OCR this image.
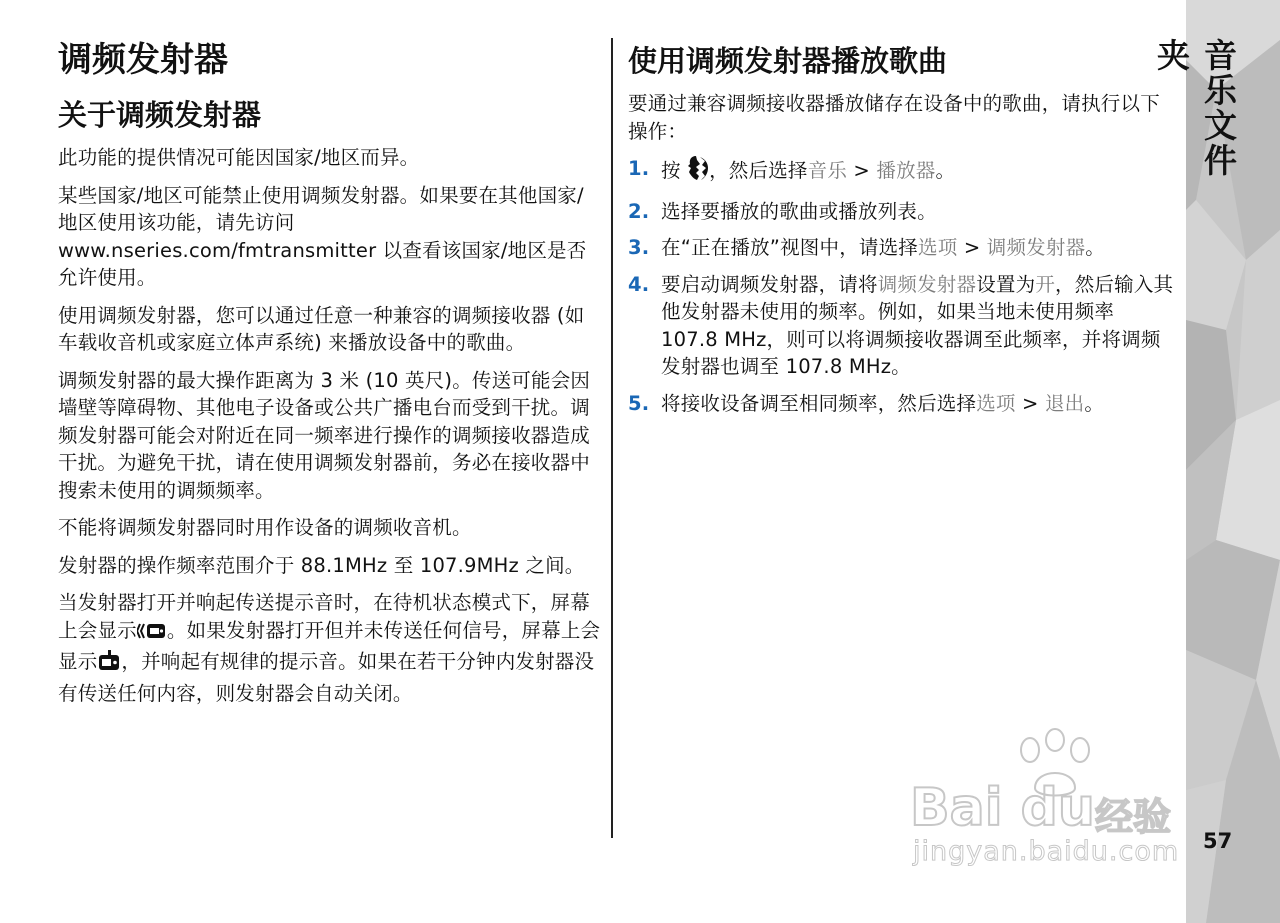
调频发射器
关于调频发射器

此功能的提供情况可能因国家/地区而异。

某些国家/地区可能禁止使用调频发射器。如果要在其他国家/地区使用该功能，请先访问 www.nseries.com/fmtransmitter 以查看该国家/地区是否允许使用。

使用调频发射器，您可以通过任意一种兼容的调频接收器 (如车载收音机或家庭立体声系统) 来播放设备中的歌曲。

调频发射器的最大操作距离为 3 米 (10 英尺)。传送可能会因墙壁等障碍物、其他电子设备或公共广播电台而受到干扰。调频发射器可能会对附近在同一频率进行操作的调频接收器造成干扰。为避免干扰，请在使用调频发射器前，务必在接收器中搜索未使用的调频频率。

不能将调频发射器同时用作设备的调频收音机。

发射器的操作频率范围介于 88.1MHz 至 107.9MHz 之间。

当发射器打开并响起传送提示音时，在待机状态模式下，屏幕上会显示 。如果发射器打开但并未传送任何信号，屏幕上会显示 ，并响起有规律的提示音。如果在若干分钟内发射器没有传送任何内容，则发射器会自动关闭。

使用调频发射器播放歌曲

要通过兼容调频接收器播放储存在设备中的歌曲，请执行以下操作：

1. 按 ，然后选择音乐 > 播放器。
2. 选择要播放的歌曲或播放列表。
3. 在“正在播放”视图中，请选择选项 > 调频发射器。
4. 要启动调频发射器，请将调频发射器设置为开，然后输入其他发射器未使用的频率。例如，如果当地未使用频率 107.8 MHz，则可以将调频接收器调至此频率，并将调频发射器也调至 107.8 MHz。
5. 将接收设备调至相同频率，然后选择选项 > 退出。
音乐文件夹
57
Bai du 经验
jingyan.baidu.com
